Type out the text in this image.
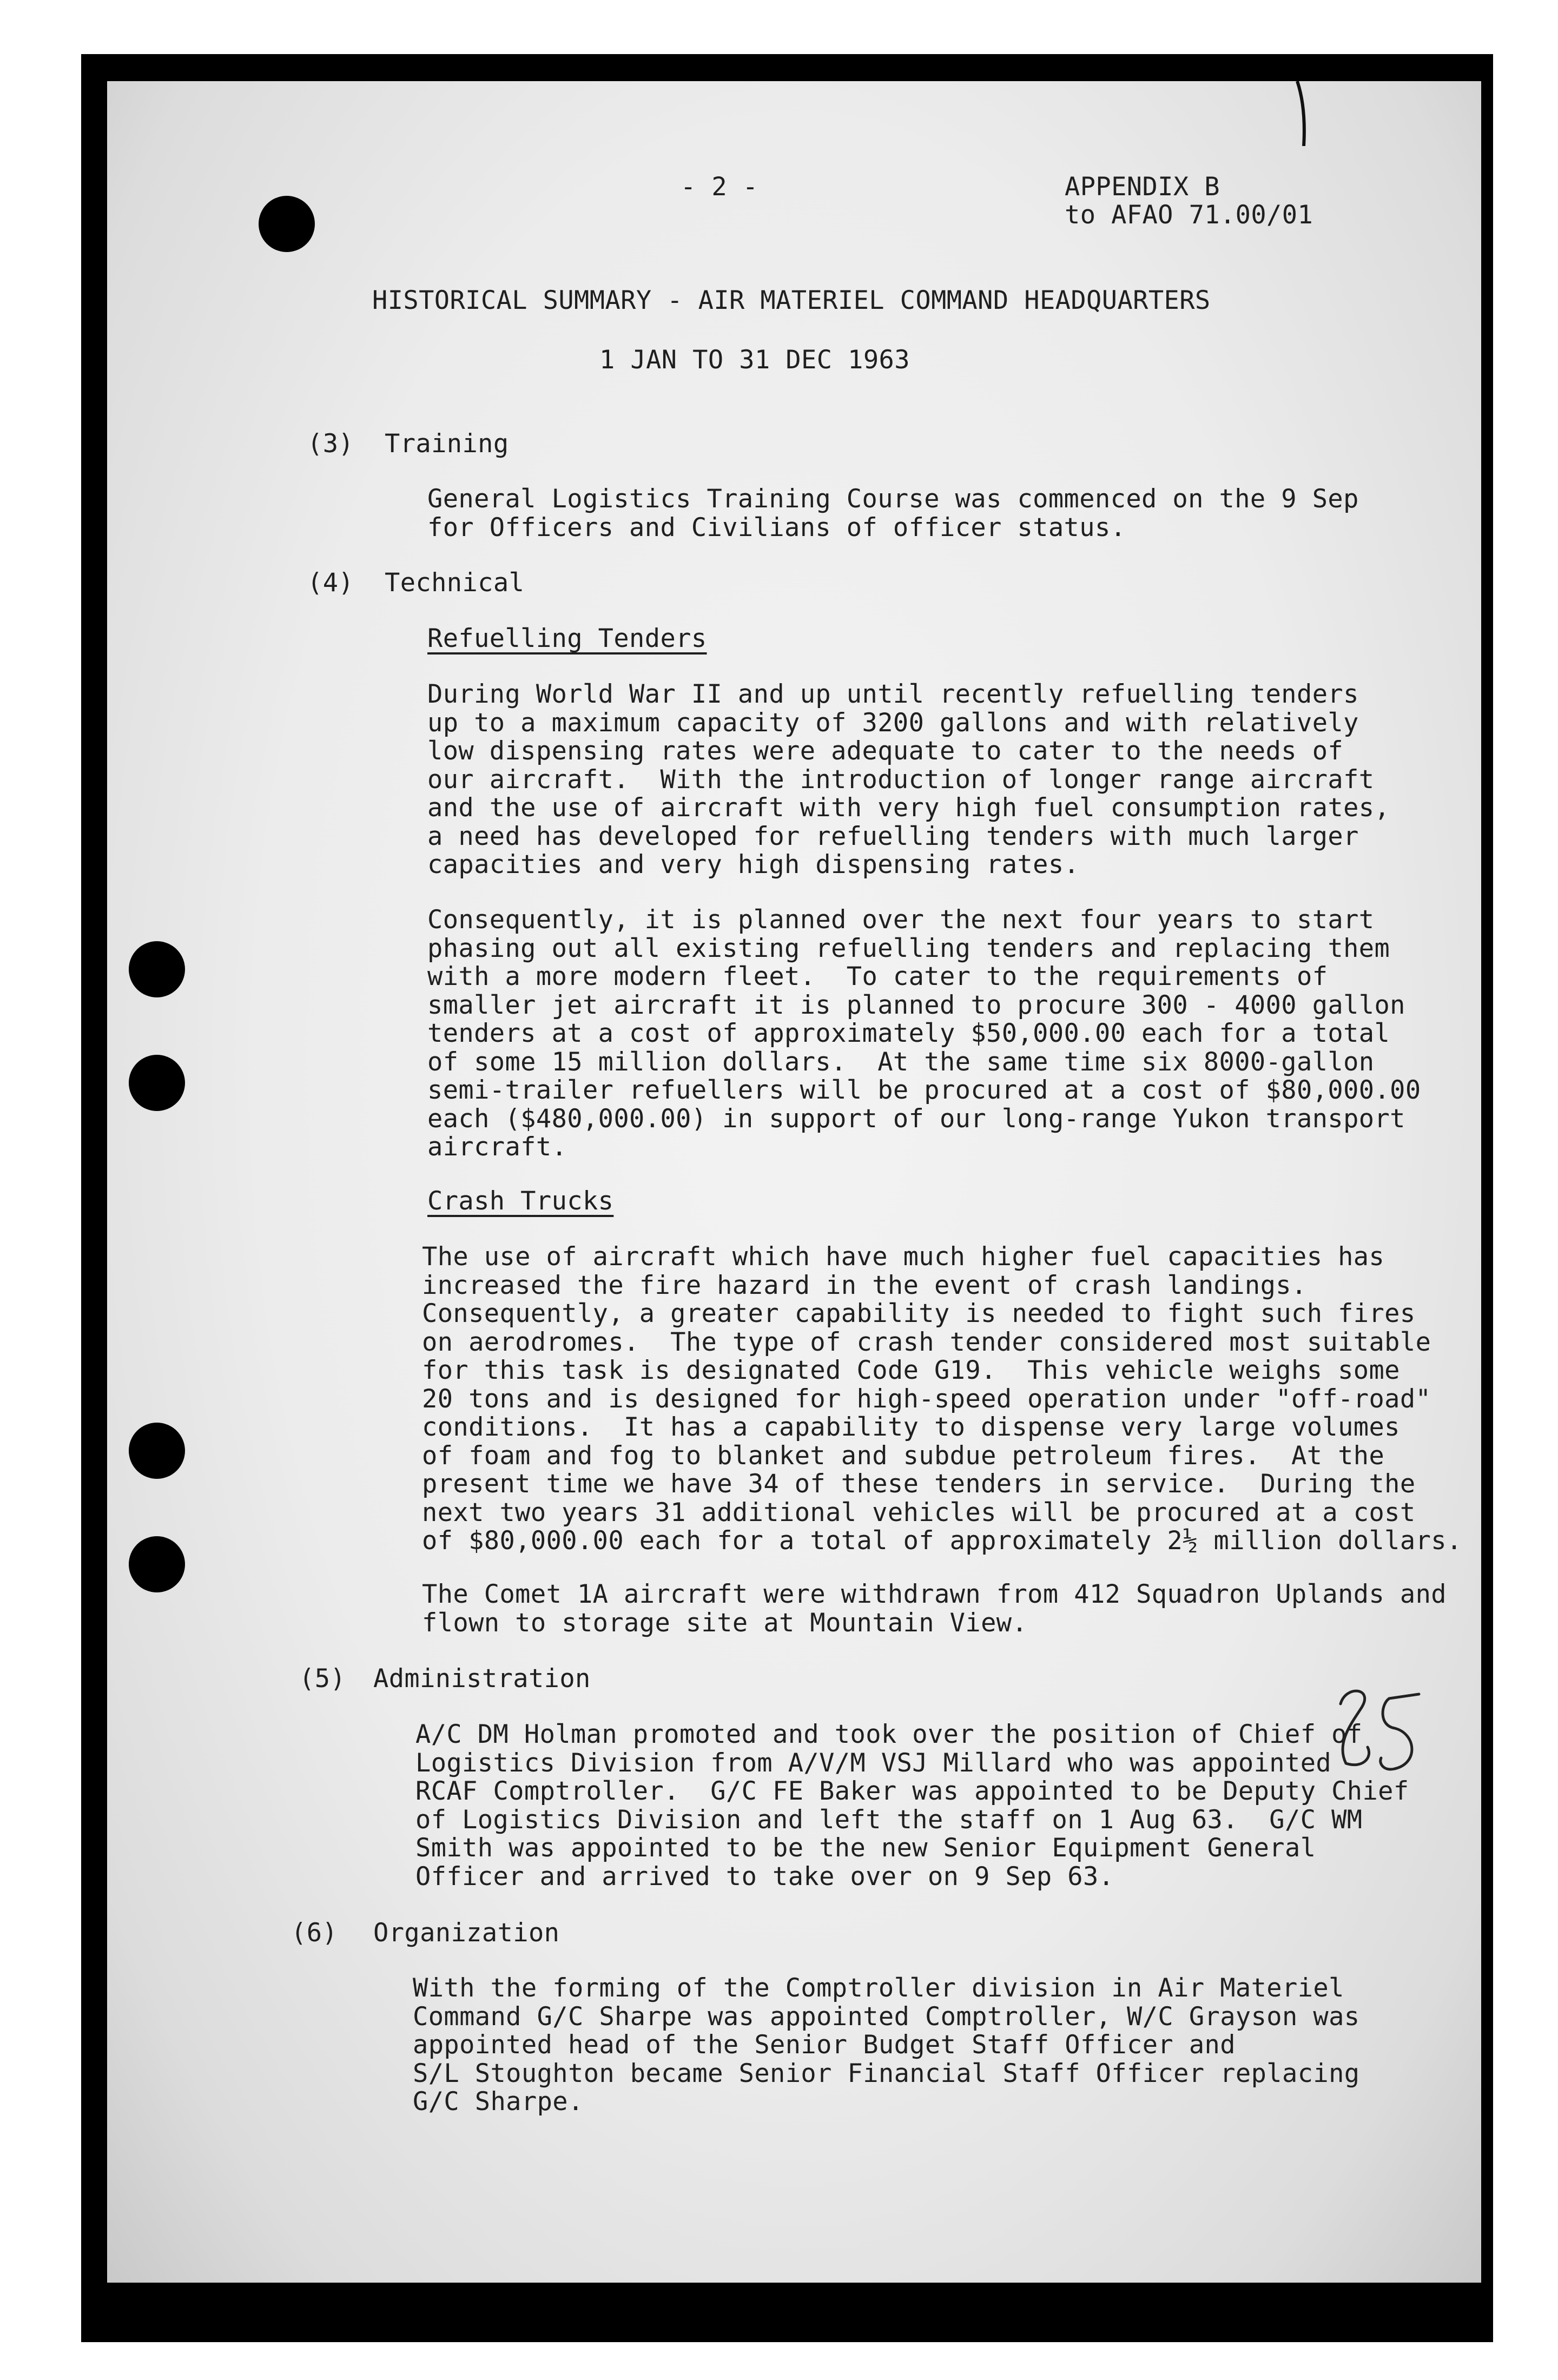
- 2 -	APPENDIX B
to AFAO 71.00/01
HISTORICAL SUMMARY - AIR MATERIEL COMMAND HEADQUARTERS
1 JAN TO 31 DEC 1963
(3) Training
General Logistics Training Course was commenced on the 9 Sep
for Officers and Civilians of officer status.
(4) Technical
Refuelling Tenders
During World War II and up until recently refuelling tenders
up to a maximum capacity of 3200 gallons and with relatively
low dispensing rates were adequate to cater to the needs of
our aircraft.  With the introduction of longer range aircraft
and the use of aircraft with very high fuel consumption rates,
a need has developed for refuelling tenders with much larger
capacities and very high dispensing rates.
Consequently, it is planned over the next four years to start
phasing out all existing refuelling tenders and replacing them
with a more modern fleet.  To cater to the requirements of
smaller jet aircraft it is planned to procure 300 - 4000 gallon
tenders at a cost of approximately $50,000.00 each for a total
of some 15 million dollars.  At the same time six 8000-gallon
semi-trailer refuellers will be procured at a cost of $80,000.00
each ($480,000.00) in support of our long-range Yukon transport
aircraft.
Crash Trucks
The use of aircraft which have much higher fuel capacities has
increased the fire hazard in the event of crash landings.
Consequently, a greater capability is needed to fight such fires
on aerodromes.  The type of crash tender considered most suitable
for this task is designated Code G19.  This vehicle weighs some
20 tons and is designed for high-speed operation under "off-road"
conditions.  It has a capability to dispense very large volumes
of foam and fog to blanket and subdue petroleum fires.  At the
present time we have 34 of these tenders in service.  During the
next two years 31 additional vehicles will be procured at a cost
of $80,000.00 each for a total of approximately 2½ million dollars.
The Comet 1A aircraft were withdrawn from 412 Squadron Uplands and
flown to storage site at Mountain View.
(5) Administration
A/C DM Holman promoted and took over the position of Chief of
Logistics Division from A/V/M VSJ Millard who was appointed
RCAF Comptroller.  G/C FE Baker was appointed to be Deputy Chief
of Logistics Division and left the staff on 1 Aug 63.  G/C WM
Smith was appointed to be the new Senior Equipment General
Officer and arrived to take over on 9 Sep 63.
(6) Organization
With the forming of the Comptroller division in Air Materiel
Command G/C Sharpe was appointed Comptroller, W/C Grayson was
appointed head of the Senior Budget Staff Officer and
S/L Stoughton became Senior Financial Staff Officer replacing
G/C Sharpe.
